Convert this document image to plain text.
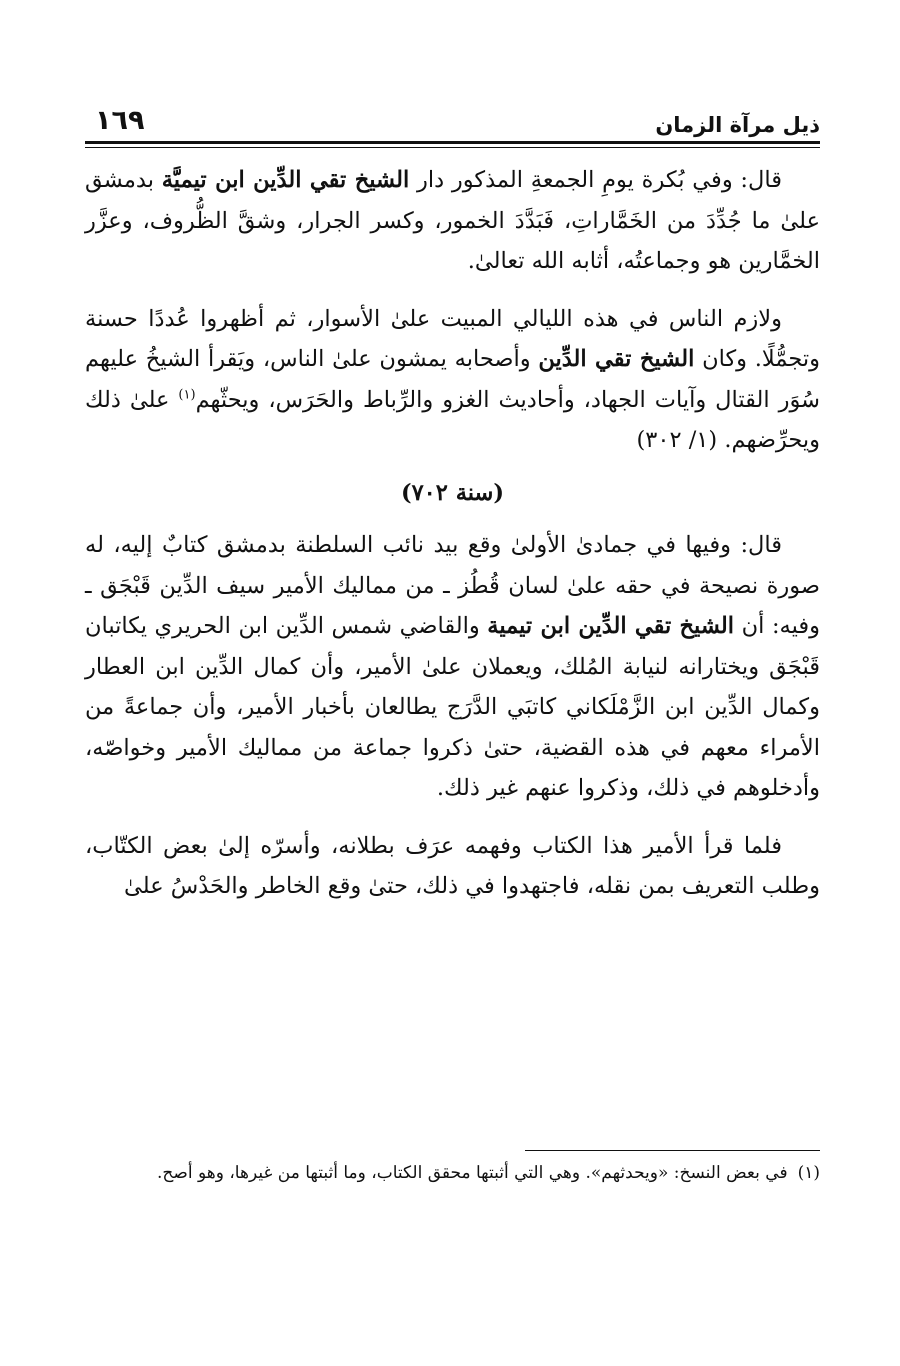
ذيل مرآة الزمان
١٦٩

قال: وفي بُكرة يومِ الجمعةِ المذكور دار الشيخ تقي الدِّين ابن تيميَّة بدمشق علىٰ ما جُدِّدَ من الخَمَّاراتِ، فَبَدَّدَ الخمور، وكسر الجرار، وشقَّ الظُّروف، وعزَّر الخمَّارين هو وجماعتُه، أثابه الله تعالىٰ.

ولازم الناس في هذه الليالي المبيت علىٰ الأسوار، ثم أظهروا عُددًا حسنة وتجمُّلًا. وكان الشيخ تقي الدِّين وأصحابه يمشون علىٰ الناس، ويَقرأ الشيخُ عليهم سُوَر القتال وآيات الجهاد، وأحاديث الغزو والرِّباط والحَرَس، ويحثّهم$^{(١)}$ علىٰ ذلك ويحرِّضهم. (١/ ٣٠٢)

(سنة ٧٠٢)

قال: وفيها في جمادىٰ الأولىٰ وقع بيد نائب السلطنة بدمشق كتابٌ إليه، له صورة نصيحة في حقه علىٰ لسان قُطُز ـ من مماليك الأمير سيف الدِّين قَبْجَق ـ وفيه: أن الشيخ تقي الدِّين ابن تيمية والقاضي شمس الدِّين ابن الحريري يكاتبان قَبْجَق ويختارانه لنيابة المُلك، ويعملان علىٰ الأمير، وأن كمال الدِّين ابن العطار وكمال الدِّين ابن الزَّمْلَكاني كاتبَي الدَّرَج يطالعان بأخبار الأمير، وأن جماعةً من الأمراء معهم في هذه القضية، حتىٰ ذكروا جماعة من مماليك الأمير وخواصّه، وأدخلوهم في ذلك، وذكروا عنهم غير ذلك.

فلما قرأ الأمير هذا الكتاب وفهمه عرَف بطلانه، وأسرّه إلىٰ بعض الكتّاب، وطلب التعريف بمن نقله، فاجتهدوا في ذلك، حتىٰ وقع الخاطر والحَدْسُ علىٰ

(١)في بعض النسخ: «ويحدثهم». وهي التي أثبتها محقق الكتاب، وما أثبتها من غيرها، وهو أصح.
